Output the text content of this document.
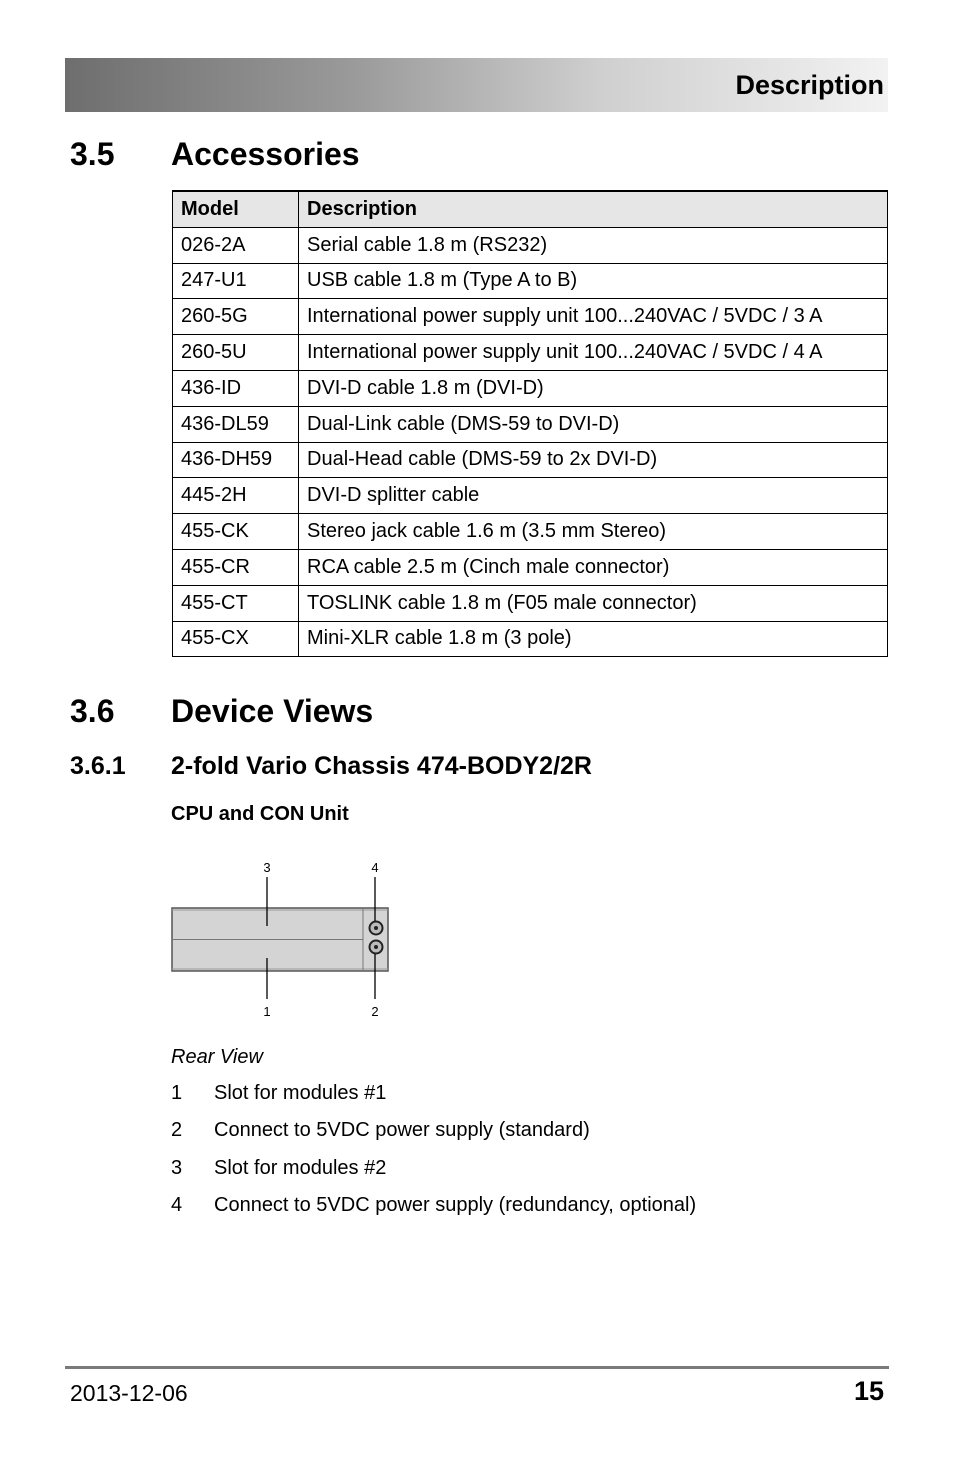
Description
3.5 Accessories
Model	Description
026-2A	Serial cable 1.8 m (RS232)
247-U1	USB cable 1.8 m (Type A to B)
260-5G	International power supply unit 100...240VAC / 5VDC / 3 A
260-5U	International power supply unit 100...240VAC / 5VDC / 4 A
436-ID	DVI-D cable 1.8 m (DVI-D)
436-DL59	Dual-Link cable (DMS-59 to DVI-D)
436-DH59	Dual-Head cable (DMS-59 to 2x DVI-D)
445-2H	DVI-D splitter cable
455-CK	Stereo jack cable 1.6 m (3.5 mm Stereo)
455-CR	RCA cable 2.5 m (Cinch male connector)
455-CT	TOSLINK cable 1.8 m (F05 male connector)
455-CX	Mini-XLR cable 1.8 m (3 pole)
3.6 Device Views
3.6.1 2-fold Vario Chassis 474-BODY2/2R
CPU and CON Unit
3	4
1	2
Rear View
1	Slot for modules #1
2	Connect to 5VDC power supply (standard)
3	Slot for modules #2
4	Connect to 5VDC power supply (redundancy, optional)
2013-12-06	15
